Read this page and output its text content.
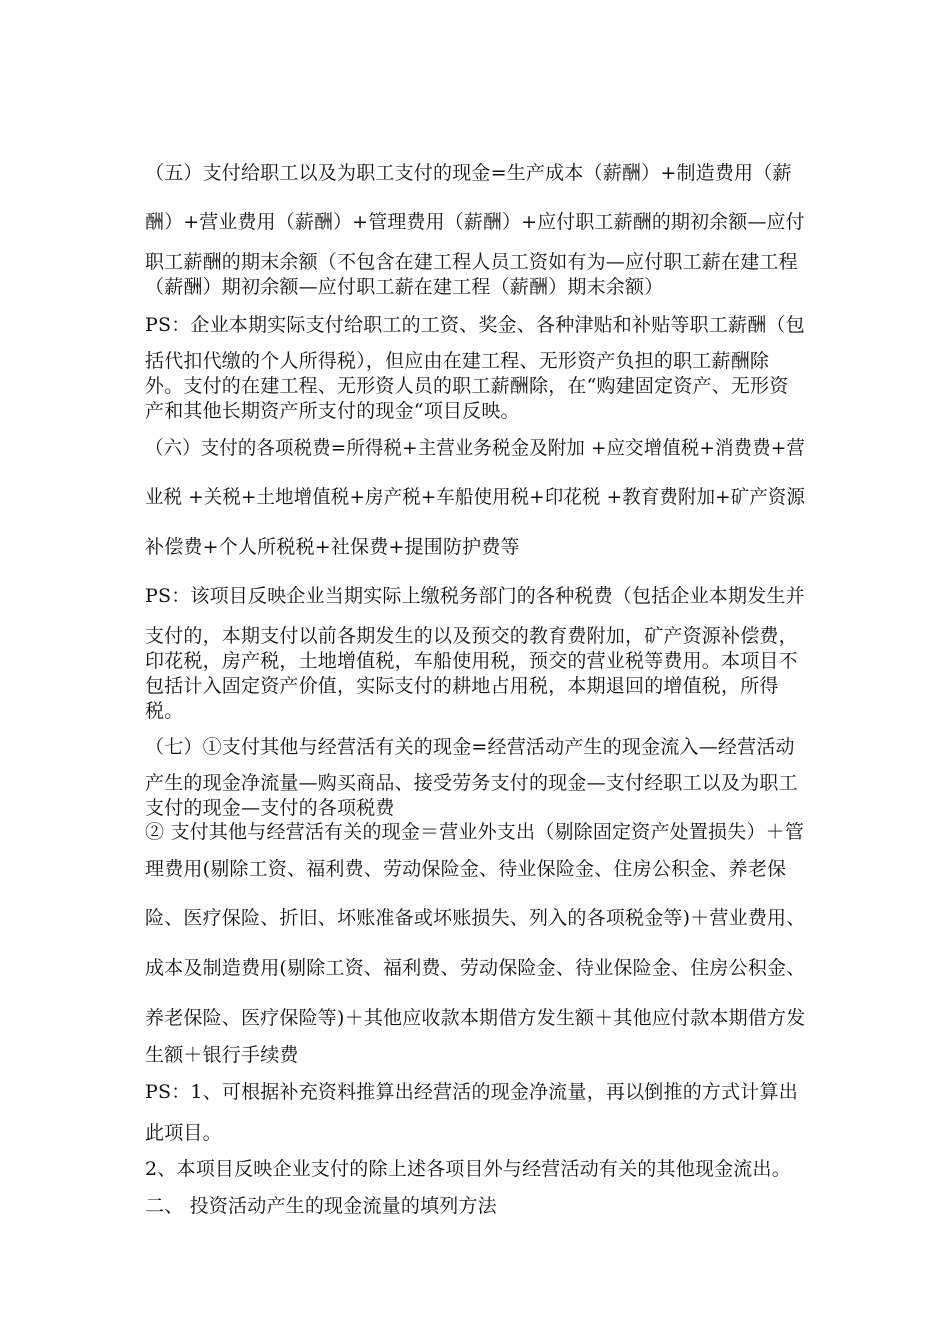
（五）支付给职工以及为职工支付的现金=生产成本（薪酬）+制造费用（薪
酬）+营业费用（薪酬）+管理费用（薪酬）+应付职工薪酬的期初余额—应付
职工薪酬的期末余额（不包含在建工程人员工资如有为—应付职工薪在建工程
（薪酬）期初余额—应付职工薪在建工程（薪酬）期末余额）
PS：企业本期实际支付给职工的工资、奖金、各种津贴和补贴等职工薪酬（包
括代扣代缴的个人所得税），但应由在建工程、无形资产负担的职工薪酬除
外。支付的在建工程、无形资人员的职工薪酬除，在“购建固定资产、无形资
产和其他长期资产所支付的现金“项目反映。
（六）支付的各项税费=所得税+主营业务税金及附加 +应交增值税+消费费+营
业税 +关税+土地增值税+房产税+车船使用税+印花税 +教育费附加+矿产资源
补偿费+个人所税税+社保费+提围防护费等
PS：该项目反映企业当期实际上缴税务部门的各种税费（包括企业本期发生并
支付的，本期支付以前各期发生的以及预交的教育费附加，矿产资源补偿费，
印花税，房产税，土地增值税，车船使用税，预交的营业税等费用。本项目不
包括计入固定资产价值，实际支付的耕地占用税，本期退回的增值税，所得
税。
（七）①支付其他与经营活有关的现金=经营活动产生的现金流入—经营活动
产生的现金净流量—购买商品、接受劳务支付的现金—支付经职工以及为职工
支付的现金—支付的各项税费
② 支付其他与经营活有关的现金＝营业外支出（剔除固定资产处置损失）＋管
理费用(剔除工资、福利费、劳动保险金、待业保险金、住房公积金、养老保
险、医疗保险、折旧、坏账准备或坏账损失、列入的各项税金等)＋营业费用、
成本及制造费用(剔除工资、福利费、劳动保险金、待业保险金、住房公积金、
养老保险、医疗保险等)＋其他应收款本期借方发生额＋其他应付款本期借方发
生额＋银行手续费
PS：1、可根据补充资料推算出经营活的现金净流量，再以倒推的方式计算出
此项目。
2、本项目反映企业支付的除上述各项目外与经营活动有关的其他现金流出。
二、 投资活动产生的现金流量的填列方法
